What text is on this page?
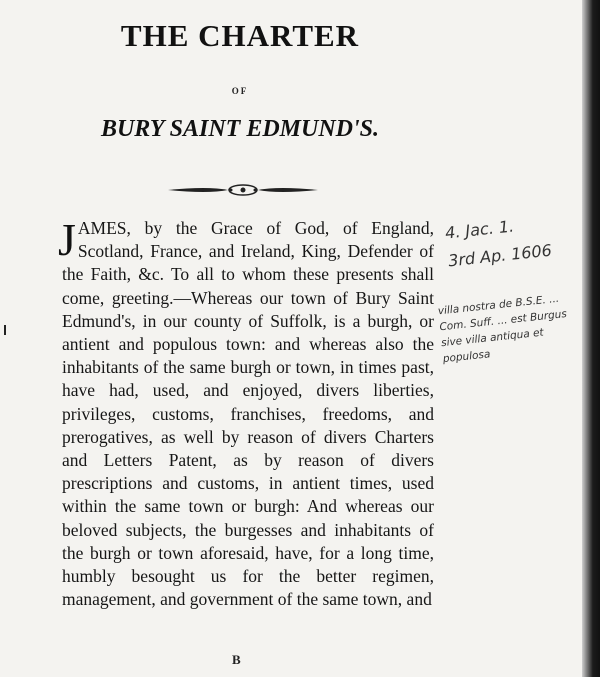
THE CHARTER
OF
BURY SAINT EDMUND'S.
JAMES, by the Grace of God, of England, Scotland, France, and Ireland, King, Defender of the Faith, &c. To all to whom these presents shall come, greeting.—Whereas our town of Bury Saint Edmund's, in our county of Suffolk, is a burgh, or antient and populous town: and whereas also the inhabitants of the same burgh or town, in times past, have had, used, and enjoyed, divers liberties, privileges, customs, franchises, freedoms, and prerogatives, as well by reason of divers Charters and Letters Patent, as by reason of divers prescriptions and customs, in antient times, used within the same town or burgh: And whereas our beloved subjects, the burgesses and inhabitants of the burgh or town aforesaid, have, for a long time, humbly besought us for the better regimen, management, and government of the same town, and
B
4. Jac. 1.
3rd Ap. 1606
villa nostra de B.S.E. ... Com. Suff. ... est Burgus sive villa antiqua et populosa
